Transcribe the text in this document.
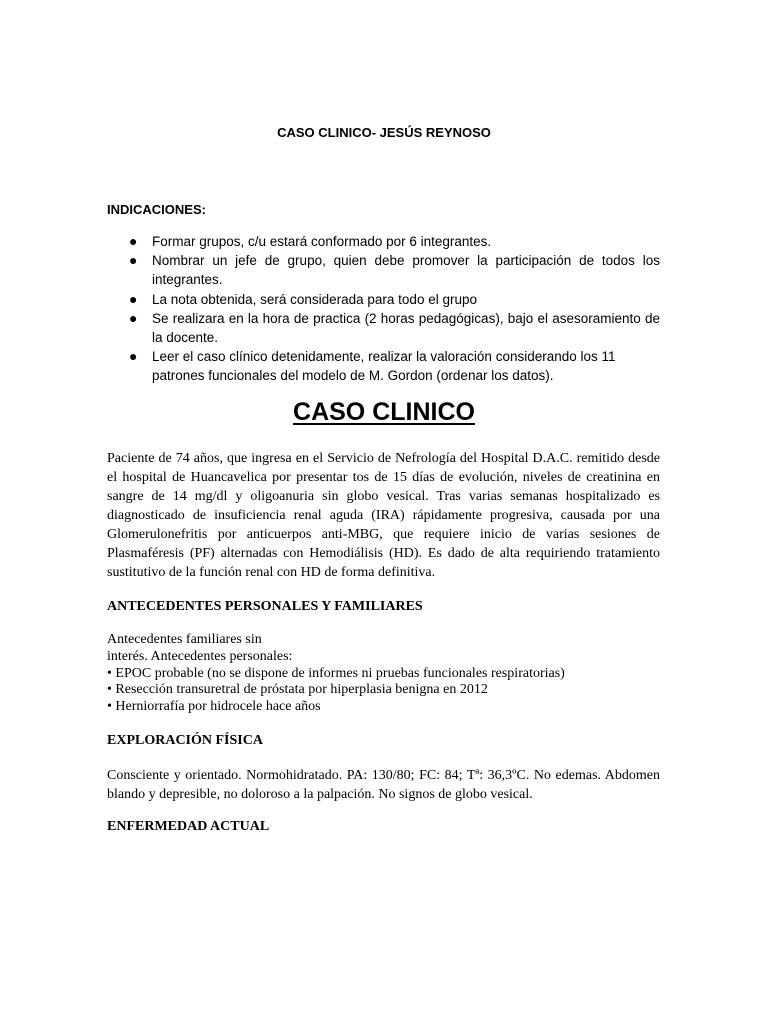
CASO CLINICO- JESÚS REYNOSO
INDICACIONES:
● Formar grupos, c/u estará conformado por 6 integrantes.
● Nombrar un jefe de grupo, quien debe promover la participación de todos los integrantes.
● La nota obtenida, será considerada para todo el grupo
● Se realizara en la hora de practica (2 horas pedagógicas), bajo el asesoramiento de la docente.
● Leer el caso clínico detenidamente, realizar la valoración considerando los 11 patrones funcionales del modelo de M. Gordon (ordenar los datos).
CASO CLINICO
Paciente de 74 años, que ingresa en el Servicio de Nefrología del Hospital D.A.C. remitido desde el hospital de Huancavelica por presentar tos de 15 días de evolución, niveles de creatinina en sangre de 14 mg/dl y oligoanuria sin globo vesical. Tras varias semanas hospitalizado es diagnosticado de insuficiencia renal aguda (IRA) rápidamente progresiva, causada por una Glomerulonefritis por anticuerpos anti-MBG, que requiere inicio de varias sesiones de Plasmaféresis (PF) alternadas con Hemodiálisis (HD). Es dado de alta requiriendo tratamiento sustitutivo de la función renal con HD de forma definitiva.
ANTECEDENTES PERSONALES Y FAMILIARES
Antecedentes familiares sin
interés. Antecedentes personales:
• EPOC probable (no se dispone de informes ni pruebas funcionales respiratorias)
• Resección transuretral de próstata por hiperplasia benigna en 2012
• Herniorrafía por hidrocele hace años
EXPLORACIÓN FÍSICA
Consciente y orientado. Normohidratado. PA: 130/80; FC: 84; Tª: 36,3ºC. No edemas. Abdomen blando y depresible, no doloroso a la palpación. No signos de globo vesical.
ENFERMEDAD ACTUAL
